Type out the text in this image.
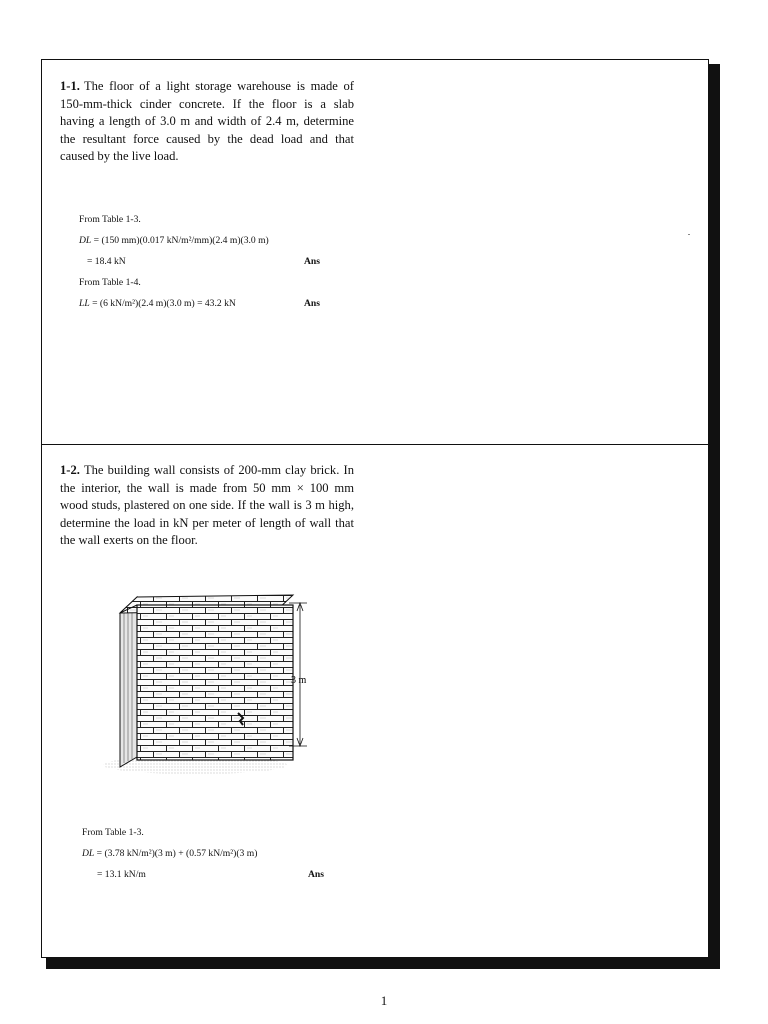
1-1. The floor of a light storage warehouse is made of 150-mm-thick cinder concrete. If the floor is a slab having a length of 3.0 m and width of 2.4 m, determine the resultant force caused by the dead load and that caused by the live load.

From Table 1-3.

DL = (150 mm)(0.017 kN/m²/mm)(2.4 m)(3.0 m)

= 18.4 kN	Ans

From Table 1-4.

LL = (6 kN/m²)(2.4 m)(3.0 m) = 43.2 kN	Ans

1-2. The building wall consists of 200-mm clay brick. In the interior, the wall is made from 50 mm × 100 mm wood studs, plastered on one side. If the wall is 3 m high, determine the load in kN per meter of length of wall that the wall exerts on the floor.

3 m

From Table 1-3.

DL = (3.78 kN/m²)(3 m) + (0.57 kN/m²)(3 m)

= 13.1 kN/m	Ans

1
